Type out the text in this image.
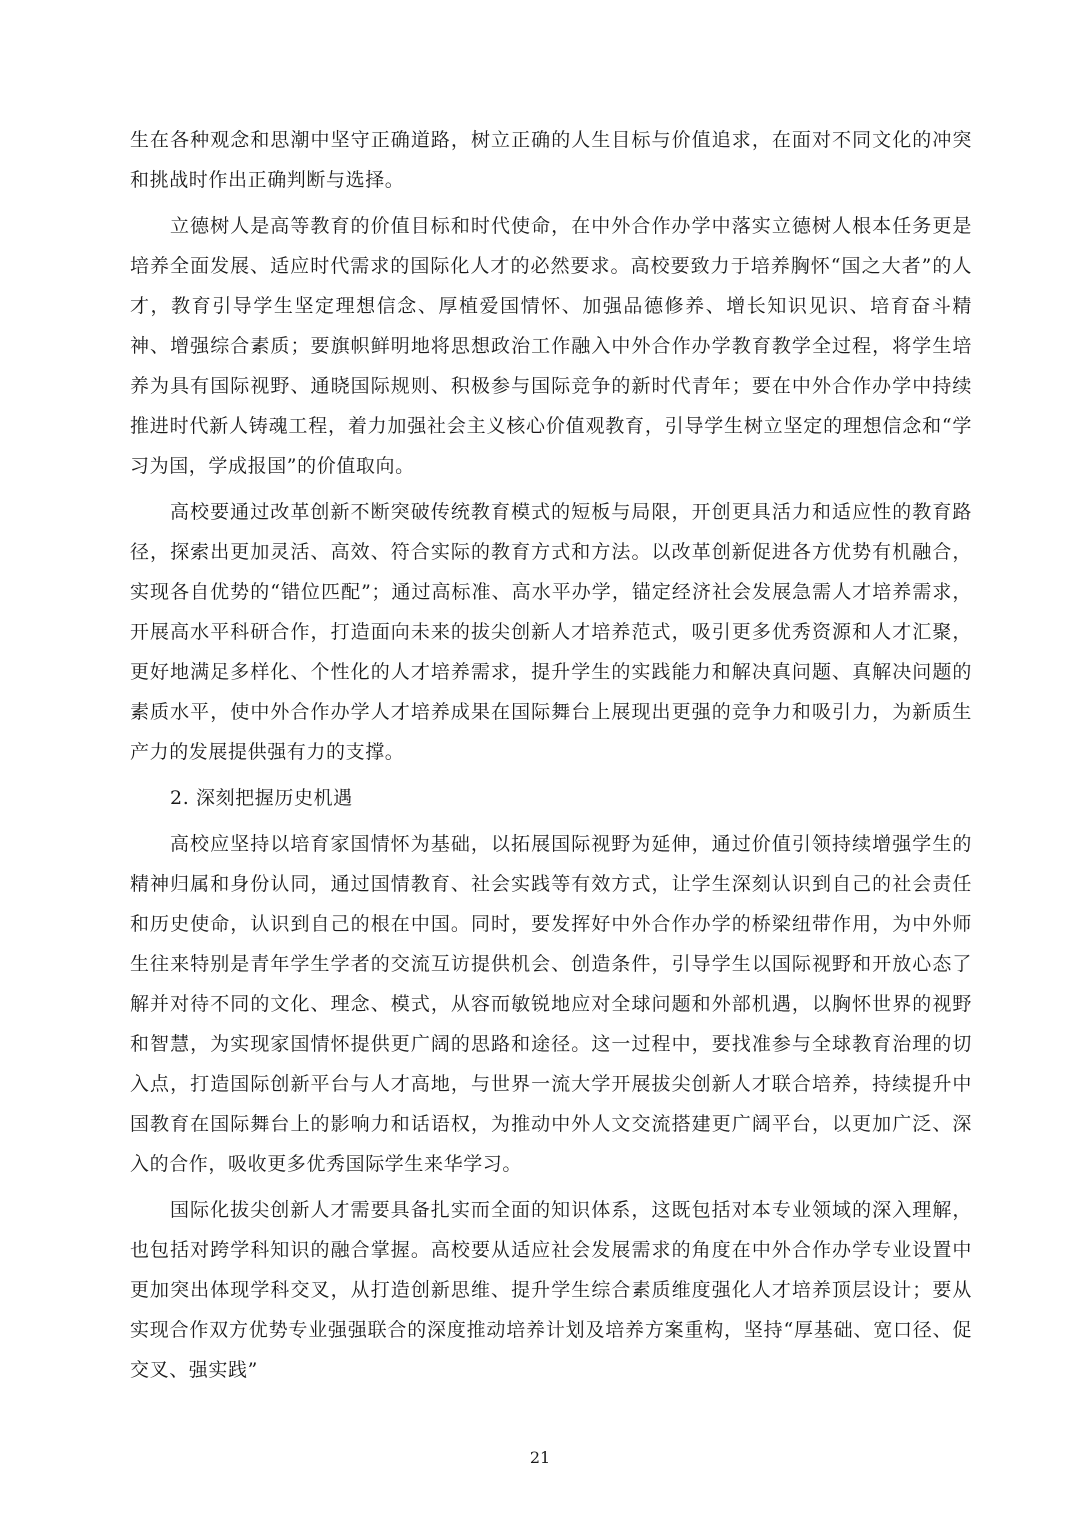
生在各种观念和思潮中坚守正确道路，树立正确的人生目标与价值追求，在面对不同文化的冲突和挑战时作出正确判断与选择。

立德树人是高等教育的价值目标和时代使命，在中外合作办学中落实立德树人根本任务更是培养全面发展、适应时代需求的国际化人才的必然要求。高校要致力于培养胸怀“国之大者”的人才，教育引导学生坚定理想信念、厚植爱国情怀、加强品德修养、增长知识见识、培育奋斗精神、增强综合素质；要旗帜鲜明地将思想政治工作融入中外合作办学教育教学全过程，将学生培养为具有国际视野、通晓国际规则、积极参与国际竞争的新时代青年；要在中外合作办学中持续推进时代新人铸魂工程，着力加强社会主义核心价值观教育，引导学生树立坚定的理想信念和“学习为国，学成报国”的价值取向。

高校要通过改革创新不断突破传统教育模式的短板与局限，开创更具活力和适应性的教育路径，探索出更加灵活、高效、符合实际的教育方式和方法。以改革创新促进各方优势有机融合，实现各自优势的“错位匹配”；通过高标准、高水平办学，锚定经济社会发展急需人才培养需求，开展高水平科研合作，打造面向未来的拔尖创新人才培养范式，吸引更多优秀资源和人才汇聚，更好地满足多样化、个性化的人才培养需求，提升学生的实践能力和解决真问题、真解决问题的素质水平，使中外合作办学人才培养成果在国际舞台上展现出更强的竞争力和吸引力，为新质生产力的发展提供强有力的支撑。

2. 深刻把握历史机遇

高校应坚持以培育家国情怀为基础，以拓展国际视野为延伸，通过价值引领持续增强学生的精神归属和身份认同，通过国情教育、社会实践等有效方式，让学生深刻认识到自己的社会责任和历史使命，认识到自己的根在中国。同时，要发挥好中外合作办学的桥梁纽带作用，为中外师生往来特别是青年学生学者的交流互访提供机会、创造条件，引导学生以国际视野和开放心态了解并对待不同的文化、理念、模式，从容而敏锐地应对全球问题和外部机遇，以胸怀世界的视野和智慧，为实现家国情怀提供更广阔的思路和途径。这一过程中，要找准参与全球教育治理的切入点，打造国际创新平台与人才高地，与世界一流大学开展拔尖创新人才联合培养，持续提升中国教育在国际舞台上的影响力和话语权，为推动中外人文交流搭建更广阔平台，以更加广泛、深入的合作，吸收更多优秀国际学生来华学习。

国际化拔尖创新人才需要具备扎实而全面的知识体系，这既包括对本专业领域的深入理解，也包括对跨学科知识的融合掌握。高校要从适应社会发展需求的角度在中外合作办学专业设置中更加突出体现学科交叉，从打造创新思维、提升学生综合素质维度强化人才培养顶层设计；要从实现合作双方优势专业强强联合的深度推动培养计划及培养方案重构，坚持“厚基础、宽口径、促交叉、强实践”

21
